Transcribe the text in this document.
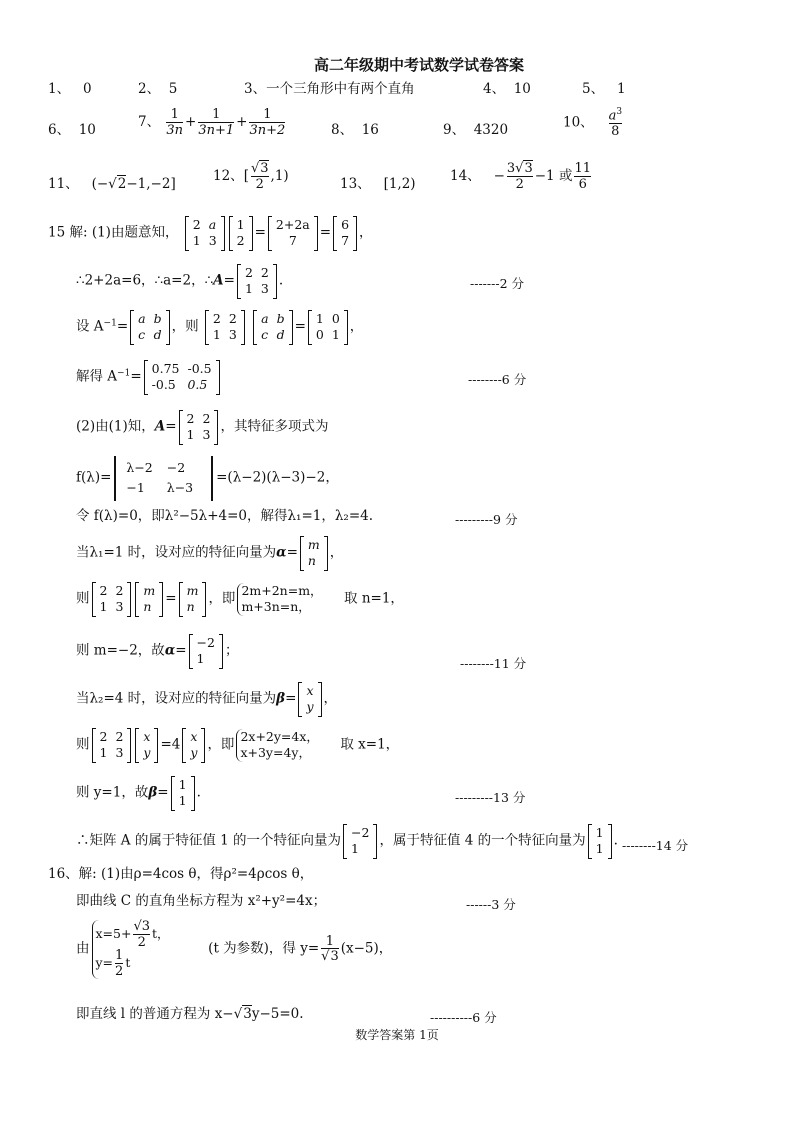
高二年级期中考试数学试卷答案
1、 0	2、 5	3、一个三角形中有两个直角	4、 10	5、 1
6、 10
7、 $\frac{1}{3n} + \frac{1}{3n+1} + \frac{1}{3n+2}$	8、 16	9、 4320	10、 $\frac{a^3}{8}$
11、 (− √ 2−1,−2]
12、[ √ $\frac{3}{2} ,1$)
13、 [1,2)
14、 − $\frac{3 √ 3}{2} -1$ 或 $\frac{11}{6}$
15 解: (1)由题意知，
2	a
1	3
1
2
=
2+2a
7
=
6
7
，
∴2+2a=6，∴a=2，∴A=
2	2
1	3
.	-------2 分
设 $A^{-1}=$
a	b
c	d
，则
2	2
1	3

a	b
c	d
=
1	0
0	1
，
解得 $A^{-1}=$
0.75	-0.5
-0.5	0.5	--------6 分
(2)由(1)知，A=
2	2
1	3
，其特征多项式为
f(λ)=
λ−2	−2
−1	λ−3
=(λ−2)(λ−3)−2，
令 f(λ)=0，即λ²−5λ+4=0，解得λ₁=1，λ₂=4.	---------9 分
当λ₁=1 时，设对应的特征向量为α=
m
n
，
则
2	2
1	3
m
n
=
m
n
，即
2m+2n=m，
m+3n=n，
取 n=1，
则 m=−2，故α=
−2
1
；
--------11 分
当λ₂=4 时，设对应的特征向量为β=
x
y
，
则
2	2
1	3
x
y
=4
x
y
，即
2x+2y=4x，
x+3y=4y，
取 x=1，
则 y=1，故β=
1
1
.	---------13 分
∴矩阵 A 的属于特征值 1 的一个特征向量为
−2
1
，属于特征值 4 的一个特征向量为
1
1
. --------14 分
16、解: (1)由ρ=4cos θ，得ρ²=4ρcos θ，
即曲线 C 的直角坐标方程为 x²+y²=4x；	------3 分
由
$x=5+ \frac{√3}{2}$ t，
$y= \frac{1}{2}$ t
(t 为参数)，得 y= 1
√ 3 (x−5)，
即直线 l 的普通方程为 x− √ 3y−5=0.	----------6 分
数学答案第 1页
